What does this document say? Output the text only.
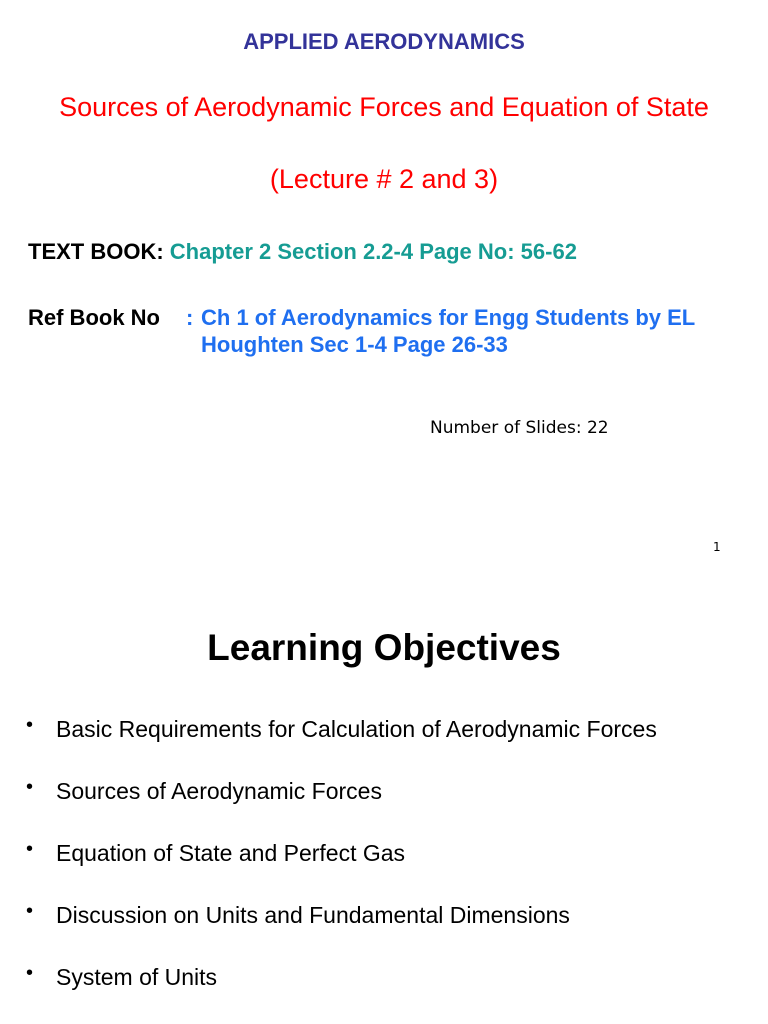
APPLIED AERODYNAMICS
Sources of Aerodynamic Forces and Equation of State
(Lecture # 2 and 3)
TEXT BOOK: Chapter 2 Section 2.2-4 Page No: 56-62
Ref Book No : Ch 1 of Aerodynamics for Engg Students by EL Houghten Sec 1-4 Page 26-33
Number of Slides: 22
1
Learning Objectives
• Basic Requirements for Calculation of Aerodynamic Forces
• Sources of Aerodynamic Forces
• Equation of State and Perfect Gas
• Discussion on Units and Fundamental Dimensions
• System of Units
